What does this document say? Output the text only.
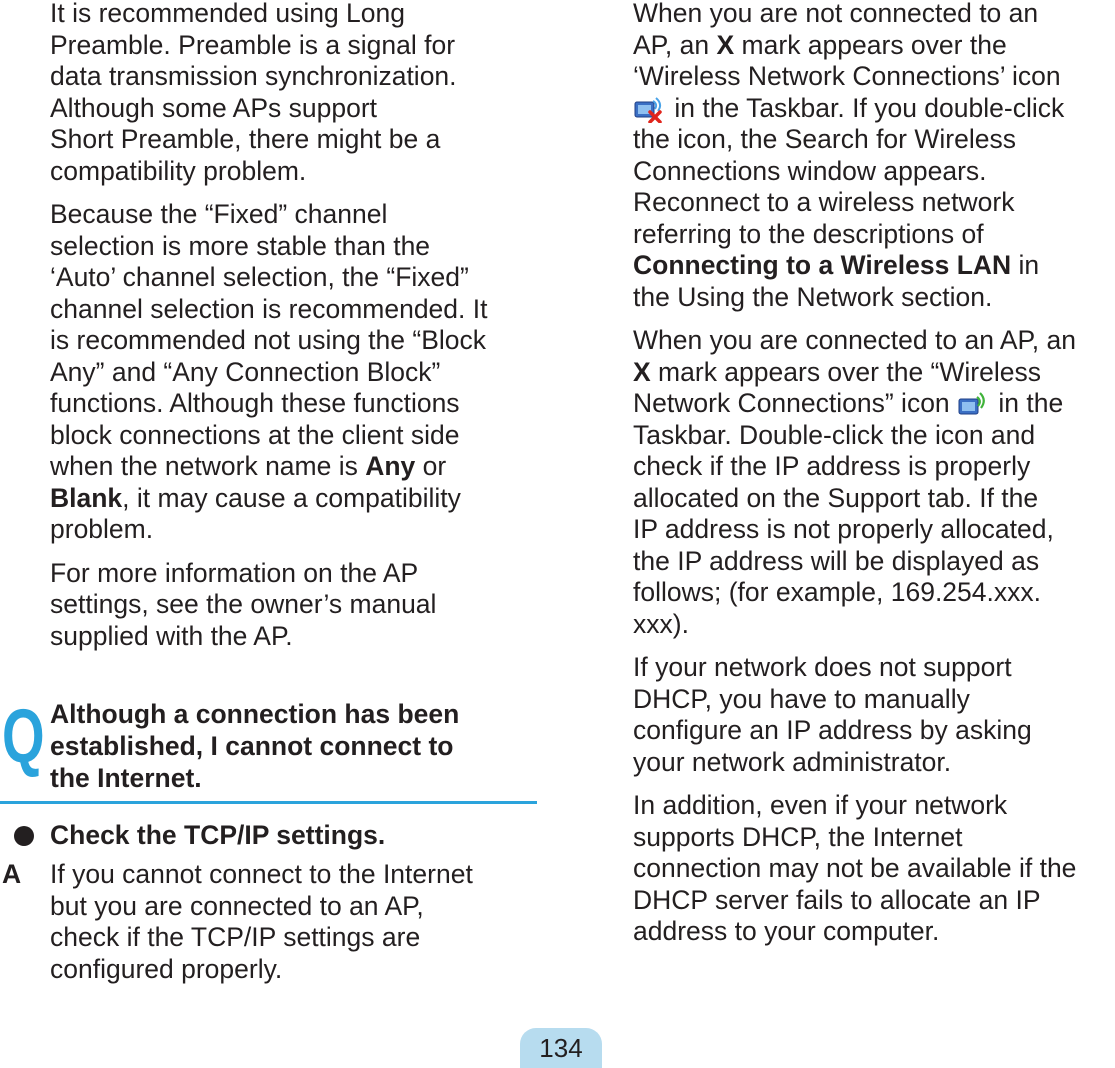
It is recommended using Long
Preamble. Preamble is a signal for
data transmission synchronization.
Although some APs support
Short Preamble, there might be a
compatibility problem.

Because the “Fixed” channel
selection is more stable than the
‘Auto’ channel selection, the “Fixed”
channel selection is recommended. It
is recommended not using the “Block
Any” and “Any Connection Block”
functions. Although these functions
block connections at the client side
when the network name is Any or
Blank, it may cause a compatibility
problem.

For more information on the AP
settings, see the owner’s manual
supplied with the AP.

Q Although a connection has been
established, I cannot connect to
the Internet.
Check the TCP/IP settings.
A If you cannot connect to the Internet
but you are connected to an AP,
check if the TCP/IP settings are
configured properly.

When you are not connected to an
AP, an X mark appears over the
‘Wireless Network Connections’ icon
in the Taskbar. If you double-click
the icon, the Search for Wireless
Connections window appears.
Reconnect to a wireless network
referring to the descriptions of
Connecting to a Wireless LAN in
the Using the Network section.

When you are connected to an AP, an
X mark appears over the “Wireless
Network Connections” icon  in the
Taskbar. Double-click the icon and
check if the IP address is properly
allocated on the Support tab. If the
IP address is not properly allocated,
the IP address will be displayed as
follows; (for example, 169.254.xxx.
xxx).

If your network does not support
DHCP, you have to manually
configure an IP address by asking
your network administrator.

In addition, even if your network
supports DHCP, the Internet
connection may not be available if the
DHCP server fails to allocate an IP
address to your computer.

134
